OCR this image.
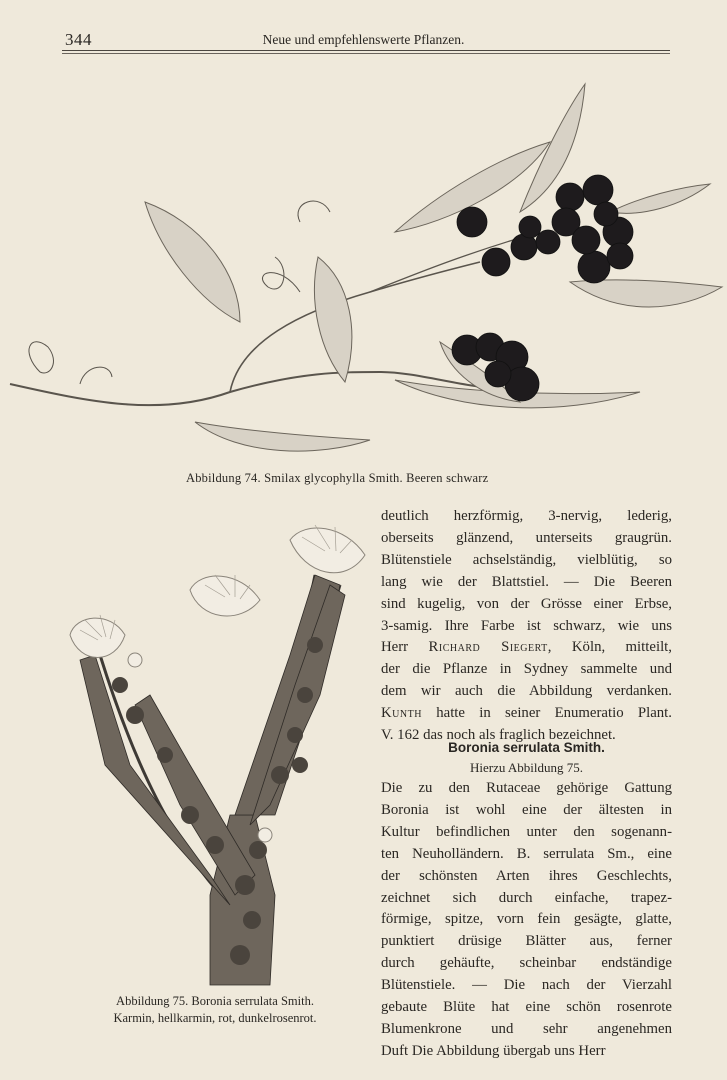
344	Neue und empfehlenswerte Pflanzen.
Abbildung 74. Smilax glycophylla Smith. Beeren schwarz
Abbildung 75. Boronia serrulata Smith.
Karmin, hellkarmin, rot, dunkelrosenrot.

deutlich herzförmig, 3-nervig, lederig,

oberseits glänzend, unterseits graugrün.

Blütenstiele achselständig, vielblütig, so

lang wie der Blattstiel. — Die Beeren

sind kugelig, von der Grösse einer Erbse,

3-samig. Ihre Farbe ist schwarz, wie uns

Herr Richard Siegert, Köln, mitteilt,

der die Pflanze in Sydney sammelte und

dem wir auch die Abbildung verdanken.

Kunth hatte in seiner Enumeratio Plant.

V. 162 das noch als fraglich bezeichnet.

Boronia serrulata Smith.
Hierzu Abbildung 75.

Die zu den Rutaceae gehörige Gattung

Boronia ist wohl eine der ältesten in

Kultur befindlichen unter den sogenann-

ten Neuholländern. B. serrulata Sm., eine

der schönsten Arten ihres Geschlechts,

zeichnet sich durch einfache, trapez-

förmige, spitze, vorn fein gesägte, glatte,

punktiert drüsige Blätter aus, ferner

durch gehäufte, scheinbar endständige

Blütenstiele. — Die nach der Vierzahl

gebaute Blüte hat eine schön rosenrote

Blumenkrone und sehr angenehmen

Duft Die Abbildung übergab uns Herr
